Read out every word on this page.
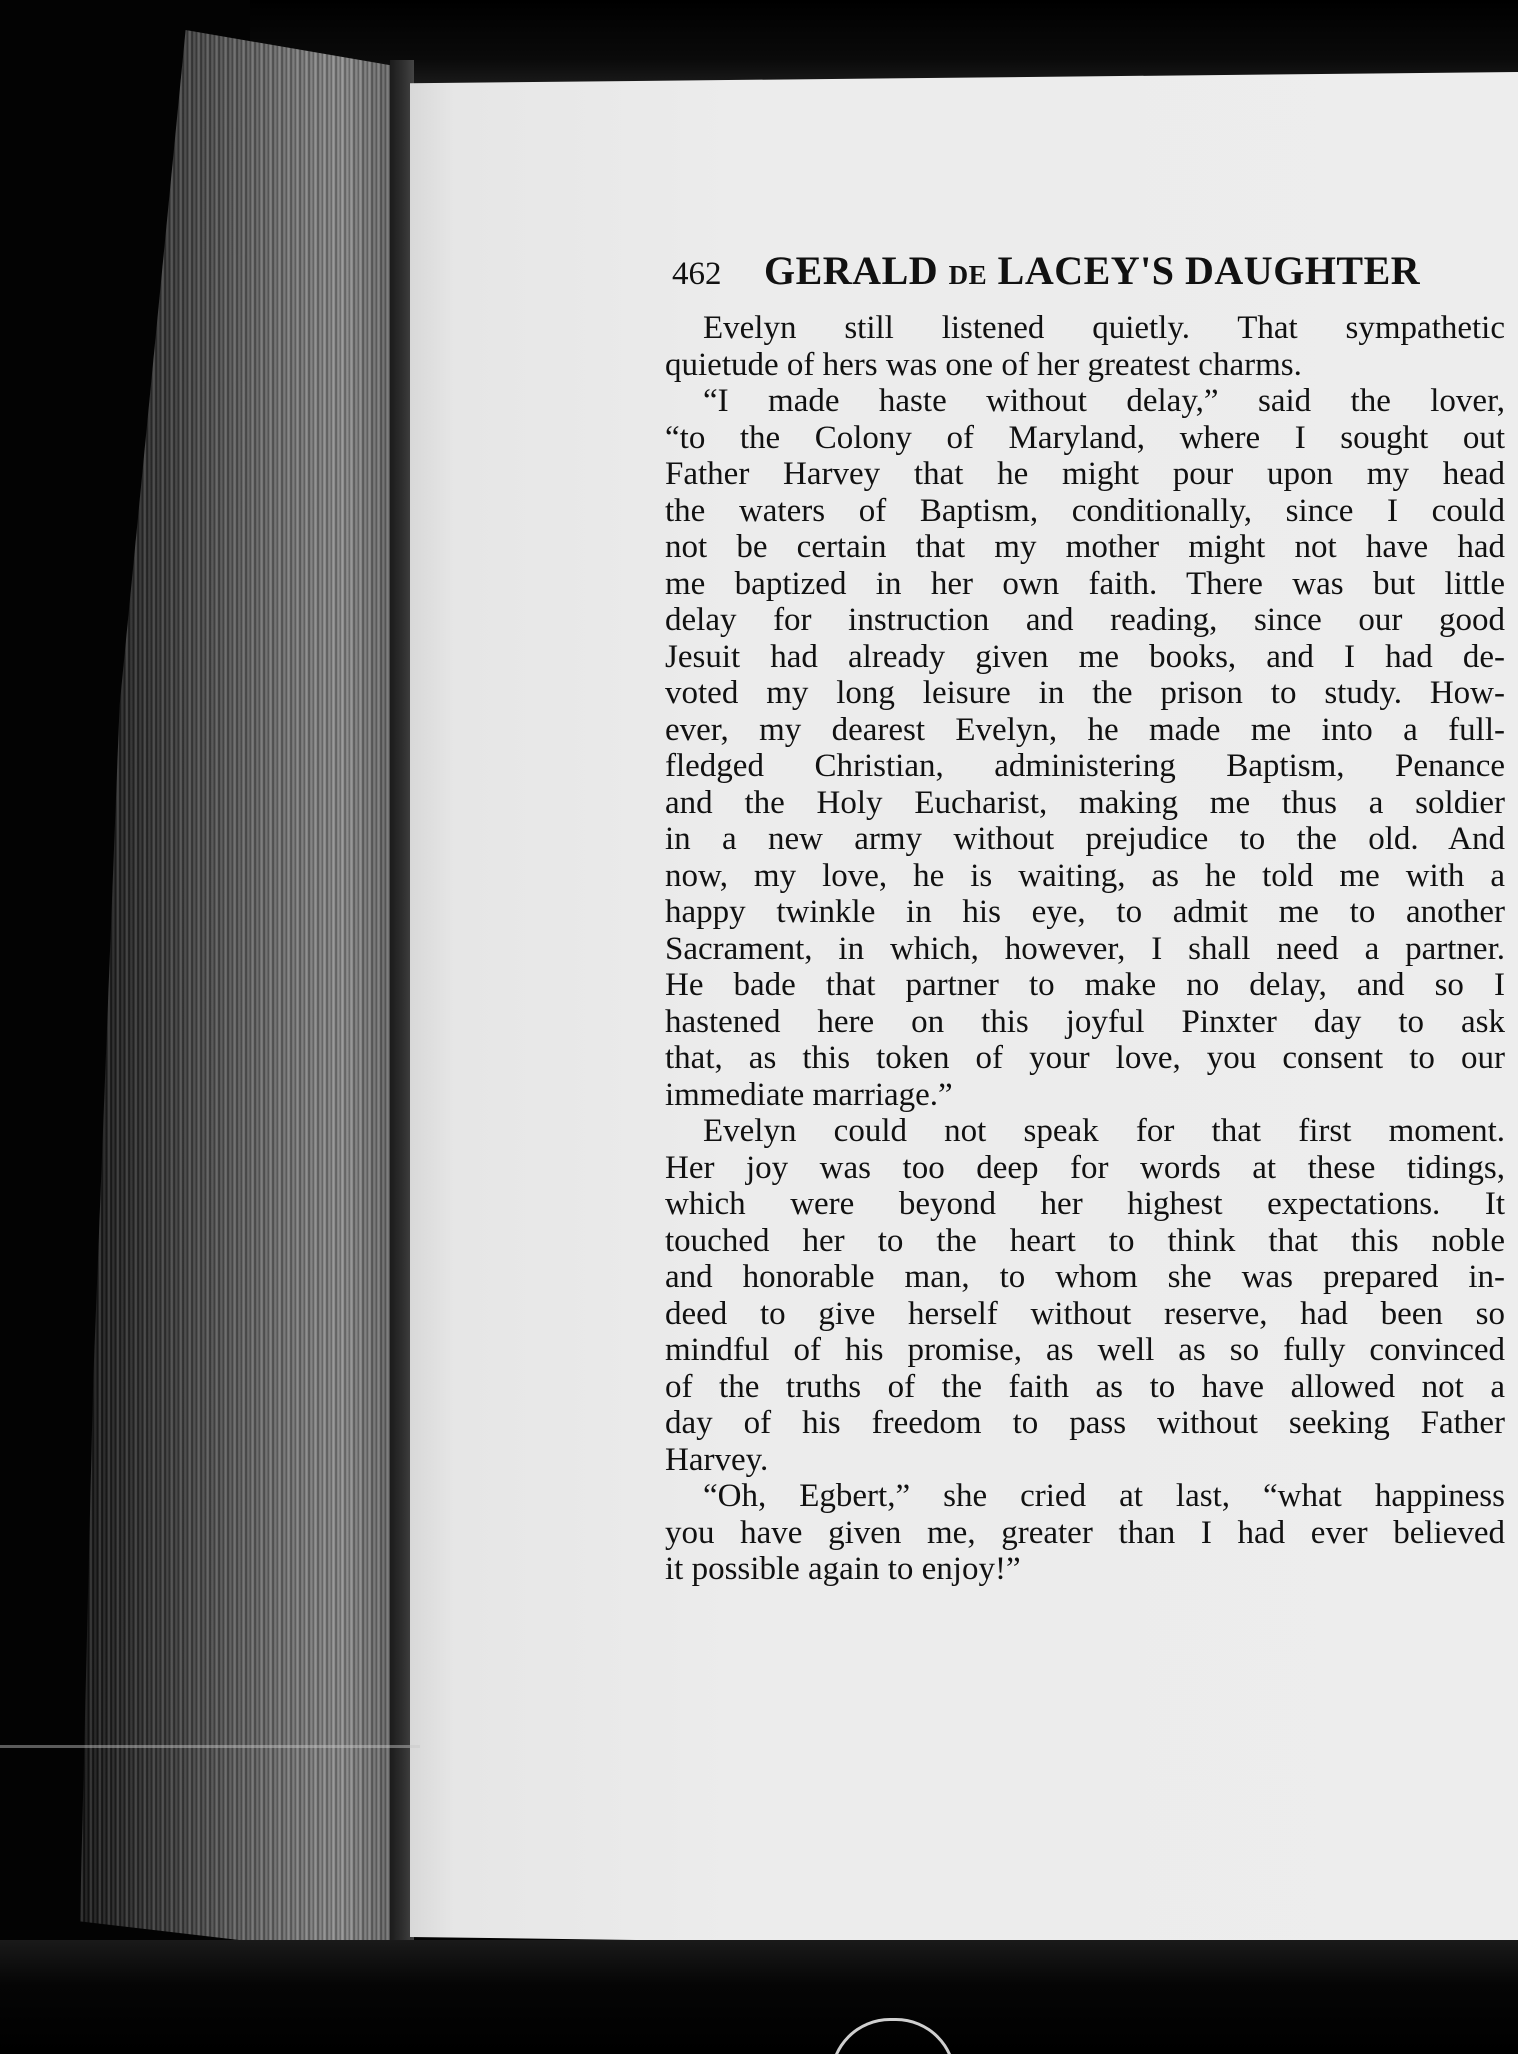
462 GERALD DE LACEY'S DAUGHTER
Evelyn still listened quietly. That sympathetic
quietude of hers was one of her greatest charms.
“I made haste without delay,” said the lover,
“to the Colony of Maryland, where I sought out
Father Harvey that he might pour upon my head
the waters of Baptism, conditionally, since I could
not be certain that my mother might not have had
me baptized in her own faith. There was but little
delay for instruction and reading, since our good
Jesuit had already given me books, and I had de-
voted my long leisure in the prison to study. How-
ever, my dearest Evelyn, he made me into a full-
fledged Christian, administering Baptism, Penance
and the Holy Eucharist, making me thus a soldier
in a new army without prejudice to the old. And
now, my love, he is waiting, as he told me with a
happy twinkle in his eye, to admit me to another
Sacrament, in which, however, I shall need a partner.
He bade that partner to make no delay, and so I
hastened here on this joyful Pinxter day to ask
that, as this token of your love, you consent to our
immediate marriage.”
Evelyn could not speak for that first moment.
Her joy was too deep for words at these tidings,
which were beyond her highest expectations. It
touched her to the heart to think that this noble
and honorable man, to whom she was prepared in-
deed to give herself without reserve, had been so
mindful of his promise, as well as so fully convinced
of the truths of the faith as to have allowed not a
day of his freedom to pass without seeking Father
Harvey.
“Oh, Egbert,” she cried at last, “what happiness
you have given me, greater than I had ever believed
it possible again to enjoy!”
